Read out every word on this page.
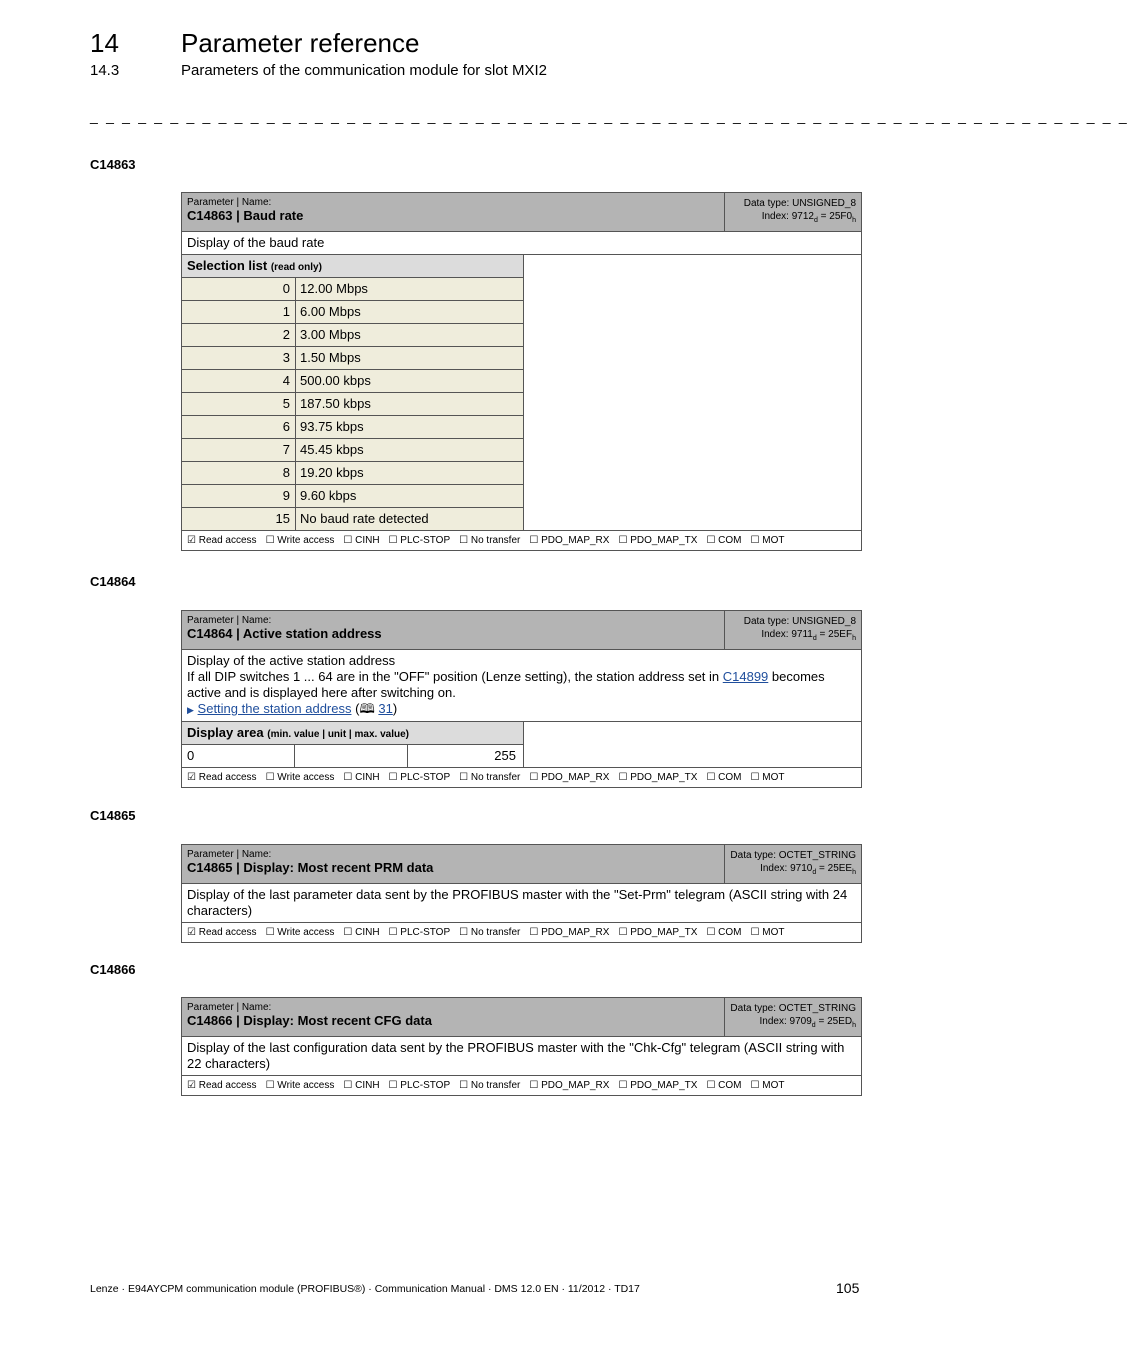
14 Parameter reference
14.3	Parameters of the communication module for slot MXI2
_ _ _ _ _ _ _ _ _ _ _ _ _ _ _ _ _ _ _ _ _ _ _ _ _ _ _ _ _ _ _ _ _ _ _ _ _ _ _ _ _ _ _ _ _ _ _ _ _ _ _ _ _ _ _ _ _ _ _ _ _ _ _ _ _
C14863
Parameter | Name:
C14863 | Baud rate
Data type: UNSIGNED_8
Index: $9712_d = 25F0_h$
Display of the baud rate
Selection list (read only)
0 12.00 Mbps
1 6.00 Mbps
2 3.00 Mbps
3 1.50 Mbps
4 500.00 kbps
5 187.50 kbps
6 93.75 kbps
7 45.45 kbps
8 19.20 kbps
9 9.60 kbps
15 No baud rate detected
☑ Read access ☐ Write access ☐ CINH ☐ PLC-STOP ☐ No transfer ☐ PDO_MAP_RX ☐ PDO_MAP_TX ☐ COM ☐ MOT
C14864
Parameter | Name:
C14864 | Active station address
Data type: UNSIGNED_8
Index: $9711_d = 25EF_h$
Display of the active station address
If all DIP switches 1 ... 64 are in the "OFF" position (Lenze setting), the station address set in C14899 becomes active and is displayed here after switching on.
▶ Setting the station address (🕮 31)
Display area (min. value | unit | max. value)
0	255
☑ Read access ☐ Write access ☐ CINH ☐ PLC-STOP ☐ No transfer ☐ PDO_MAP_RX ☐ PDO_MAP_TX ☐ COM ☐ MOT
C14865
Parameter | Name:
C14865 | Display: Most recent PRM data
Data type: OCTET_STRING
Index: $9710_d = 25EE_h$
Display of the last parameter data sent by the PROFIBUS master with the "Set-Prm" telegram (ASCII string with 24 characters)
☑ Read access ☐ Write access ☐ CINH ☐ PLC-STOP ☐ No transfer ☐ PDO_MAP_RX ☐ PDO_MAP_TX ☐ COM ☐ MOT
C14866
Parameter | Name:
C14866 | Display: Most recent CFG data
Data type: OCTET_STRING
Index: $9709_d = 25ED_h$
Display of the last configuration data sent by the PROFIBUS master with the "Chk-Cfg" telegram (ASCII string with 22 characters)
☑ Read access ☐ Write access ☐ CINH ☐ PLC-STOP ☐ No transfer ☐ PDO_MAP_RX ☐ PDO_MAP_TX ☐ COM ☐ MOT
Lenze · E94AYCPM communication module (PROFIBUS®) · Communication Manual · DMS 12.0 EN · 11/2012 · TD17	105
